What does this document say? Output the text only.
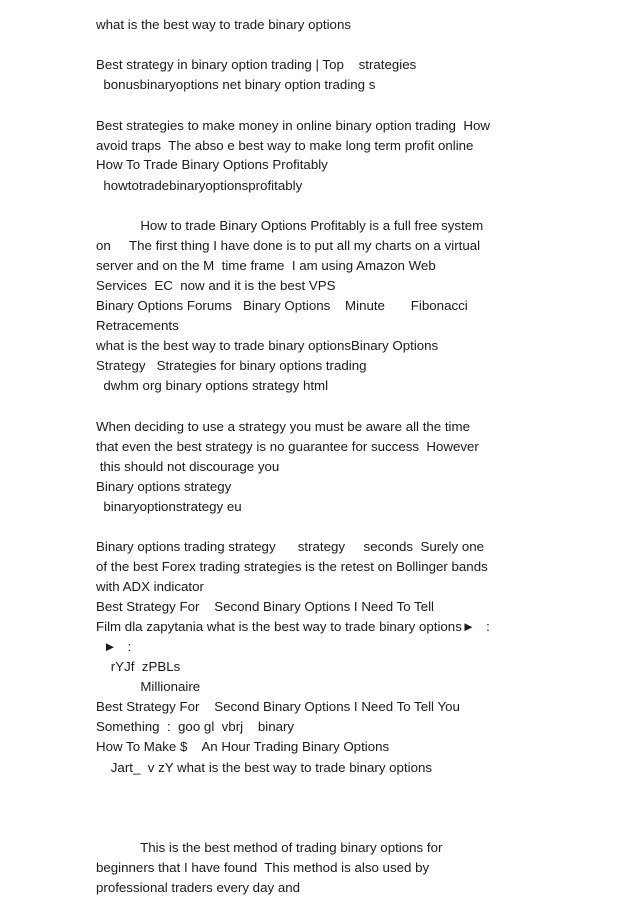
what is the best way to trade binary options

Best strategy in binary option trading | Top    strategies

bonusbinaryoptions net binary option trading s

Best strategies to make money in online binary option trading  How

avoid traps  The abso e best way to make long term profit online

How To Trade Binary Options Profitably

howtotradebinaryoptionsprofitably

How to trade Binary Options Profitably is a full free system

on     The first thing I have done is to put all my charts on a virtual

server and on the M  time frame  I am using Amazon Web

Services  EC  now and it is the best VPS

Binary Options Forums   Binary Options    Minute       Fibonacci

Retracements

what is the best way to trade binary optionsBinary Options

Strategy   Strategies for binary options trading

dwhm org binary options strategy html

When deciding to use a strategy you must be aware all the time

that even the best strategy is no guarantee for success  However

this should not discourage you

Binary options strategy

binaryoptionstrategy eu

Binary options trading strategy      strategy     seconds  Surely one

of the best Forex trading strategies is the retest on Bollinger bands

with ADX indicator

Best Strategy For    Second Binary Options I Need To Tell

Film dla zapytania what is the best way to trade binary options►   :

►   :

rYJf  zPBLs

Millionaire

Best Strategy For    Second Binary Options I Need To Tell You

Something  :  goo gl  vbrj    binary

How To Make $    An Hour Trading Binary Options

Jart_  v zY what is the best way to trade binary options

This is the best method of trading binary options for

beginners that I have found  This method is also used by

professional traders every day and
